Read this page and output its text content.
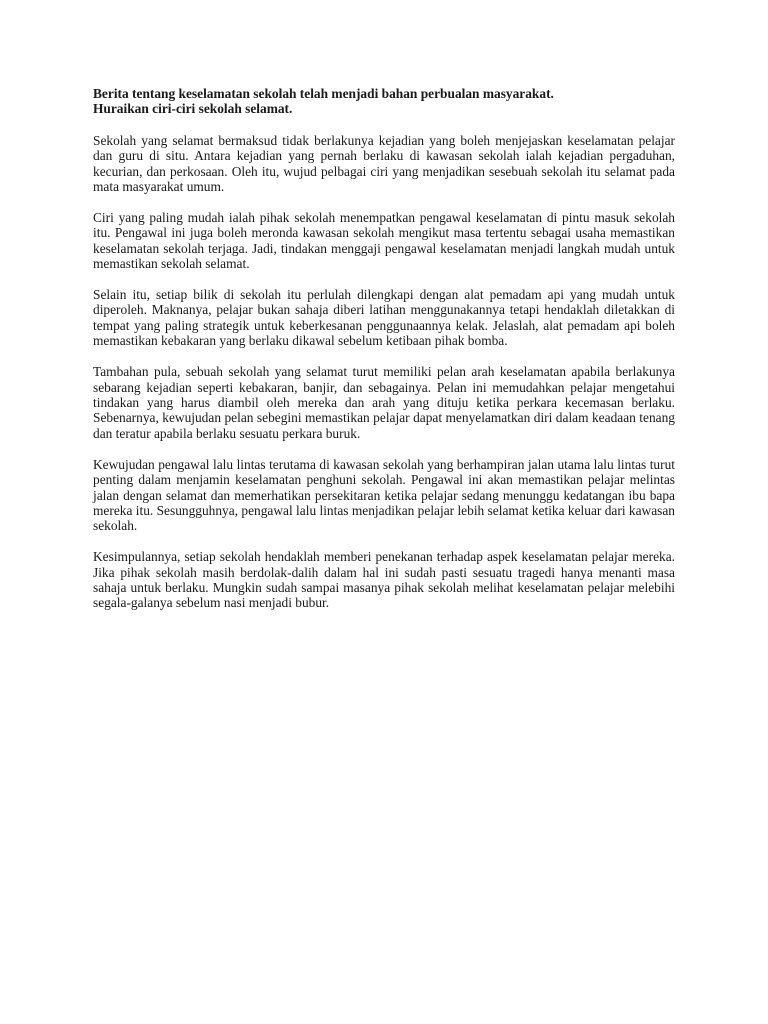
Berita tentang keselamatan sekolah telah menjadi bahan perbualan masyarakat.
Huraikan ciri-ciri sekolah selamat.

Sekolah yang selamat bermaksud tidak berlakunya kejadian yang boleh menjejaskan keselamatan pelajar dan guru di situ. Antara kejadian yang pernah berlaku di kawasan sekolah ialah kejadian pergaduhan, kecurian, dan perkosaan. Oleh itu, wujud pelbagai ciri yang menjadikan sesebuah sekolah itu selamat pada mata masyarakat umum.

Ciri yang paling mudah ialah pihak sekolah menempatkan pengawal keselamatan di pintu masuk sekolah itu. Pengawal ini juga boleh meronda kawasan sekolah mengikut masa tertentu sebagai usaha memastikan keselamatan sekolah terjaga. Jadi, tindakan menggaji pengawal keselamatan menjadi langkah mudah untuk memastikan sekolah selamat.

Selain itu, setiap bilik di sekolah itu perlulah dilengkapi dengan alat pemadam api yang mudah untuk diperoleh. Maknanya, pelajar bukan sahaja diberi latihan menggunakannya tetapi hendaklah diletakkan di tempat yang paling strategik untuk keberkesanan penggunaannya kelak. Jelaslah, alat pemadam api boleh memastikan kebakaran yang berlaku dikawal sebelum ketibaan pihak bomba.

Tambahan pula, sebuah sekolah yang selamat turut memiliki pelan arah keselamatan apabila berlakunya sebarang kejadian seperti kebakaran, banjir, dan sebagainya. Pelan ini memudahkan pelajar mengetahui tindakan yang harus diambil oleh mereka dan arah yang dituju ketika perkara kecemasan berlaku. Sebenarnya, kewujudan pelan sebegini memastikan pelajar dapat menyelamatkan diri dalam keadaan tenang dan teratur apabila berlaku sesuatu perkara buruk.

Kewujudan pengawal lalu lintas terutama di kawasan sekolah yang berhampiran jalan utama lalu lintas turut penting dalam menjamin keselamatan penghuni sekolah. Pengawal ini akan memastikan pelajar melintas jalan dengan selamat dan memerhatikan persekitaran ketika pelajar sedang menunggu kedatangan ibu bapa mereka itu. Sesungguhnya, pengawal lalu lintas menjadikan pelajar lebih selamat ketika keluar dari kawasan sekolah.

Kesimpulannya, setiap sekolah hendaklah memberi penekanan terhadap aspek keselamatan pelajar mereka. Jika pihak sekolah masih berdolak-dalih dalam hal ini sudah pasti sesuatu tragedi hanya menanti masa sahaja untuk berlaku. Mungkin sudah sampai masanya pihak sekolah melihat keselamatan pelajar melebihi segala-galanya sebelum nasi menjadi bubur.
